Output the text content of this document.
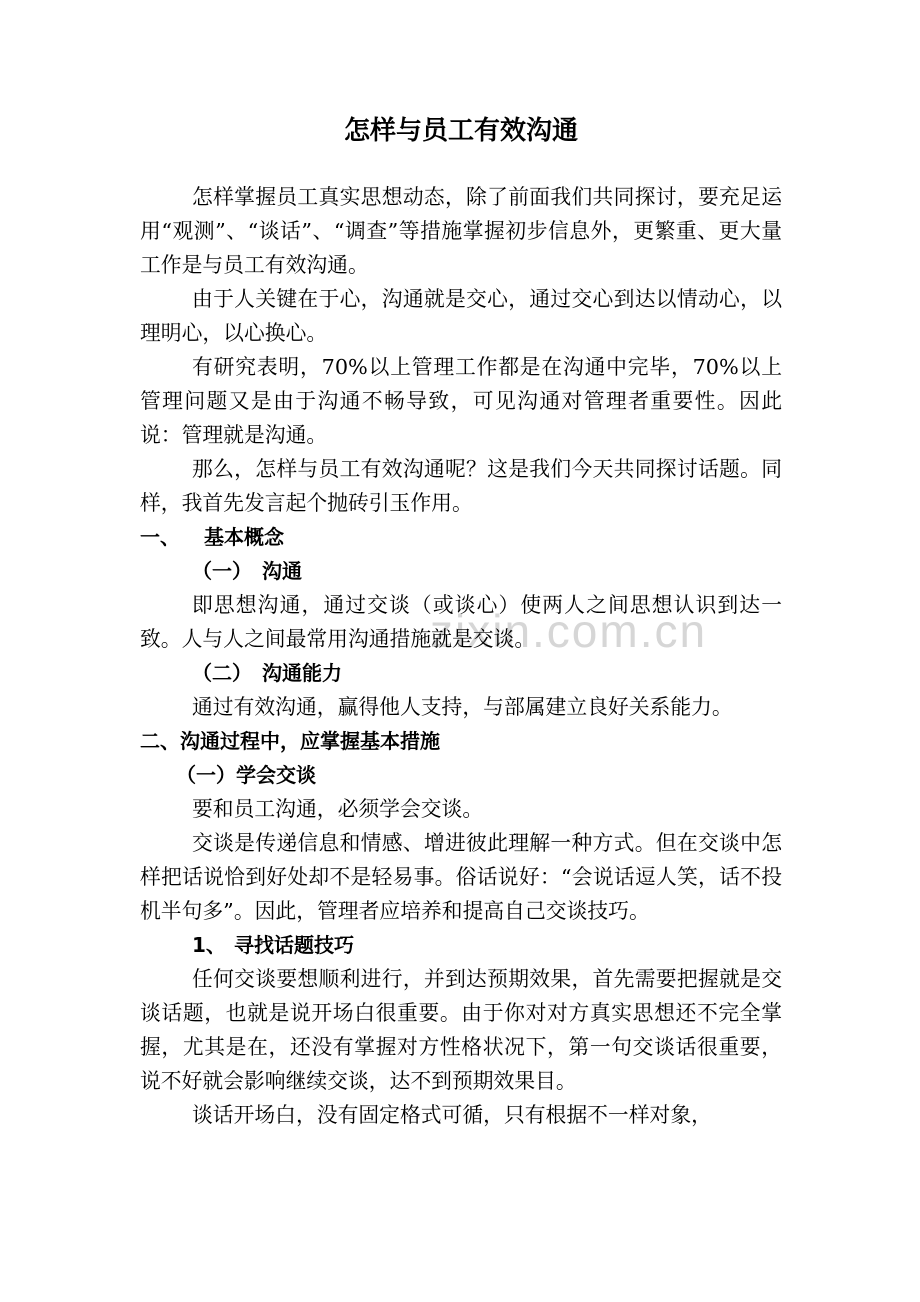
zixin.com.cn
怎样与员工有效沟通

怎样掌握员工真实思想动态，除了前面我们共同探讨，要充足运用“观测”、“谈话”、“调查”等措施掌握初步信息外，更繁重、更大量工作是与员工有效沟通。

由于人关键在于心，沟通就是交心，通过交心到达以情动心，以理明心，以心换心。

有研究表明，70%以上管理工作都是在沟通中完毕，70%以上管理问题又是由于沟通不畅导致，可见沟通对管理者重要性。因此说：管理就是沟通。

那么，怎样与员工有效沟通呢？这是我们今天共同探讨话题。同样，我首先发言起个抛砖引玉作用。

一、 基本概念
（一） 沟通

即思想沟通，通过交谈（或谈心）使两人之间思想认识到达一致。人与人之间最常用沟通措施就是交谈。

（二） 沟通能力

通过有效沟通，赢得他人支持，与部属建立良好关系能力。

二、沟通过程中，应掌握基本措施
（一）学会交谈

要和员工沟通，必须学会交谈。

交谈是传递信息和情感、增进彼此理解一种方式。但在交谈中怎样把话说恰到好处却不是轻易事。俗话说好：“会说话逗人笑，话不投机半句多”。因此，管理者应培养和提高自己交谈技巧。

1、 寻找话题技巧

任何交谈要想顺利进行，并到达预期效果，首先需要把握就是交谈话题，也就是说开场白很重要。由于你对对方真实思想还不完全掌握，尤其是在，还没有掌握对方性格状况下，第一句交谈话很重要，说不好就会影响继续交谈，达不到预期效果目。

谈话开场白，没有固定格式可循，只有根据不一样对象，
